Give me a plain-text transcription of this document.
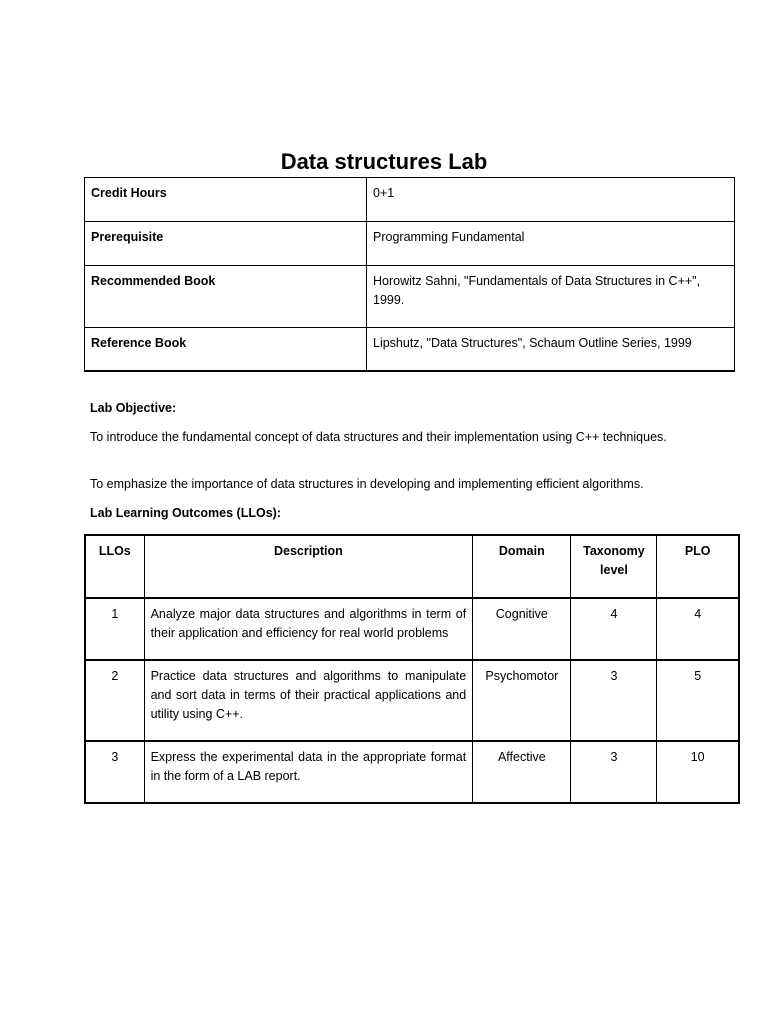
Data structures Lab
Credit Hours	0+1
Prerequisite	Programming Fundamental
Recommended Book	Horowitz Sahni, "Fundamentals of Data Structures in C++", 1999.
Reference Book	Lipshutz, "Data Structures", Schaum Outline Series, 1999

Lab Objective:

To introduce the fundamental concept of data structures and their implementation using C++ techniques.

To emphasize the importance of data structures in developing and implementing efficient algorithms.

Lab Learning Outcomes (LLOs):

LLOs	Description	Domain	Taxonomy level	PLO
1	Analyze major data structures and algorithms in term of their application and efficiency for real world problems	Cognitive	4	4
2	Practice data structures and algorithms to manipulate and sort data in terms of their practical applications and utility using C++.	Psychomotor	3	5
3	Express the experimental data in the appropriate format in the form of a LAB report.	Affective	3	10
